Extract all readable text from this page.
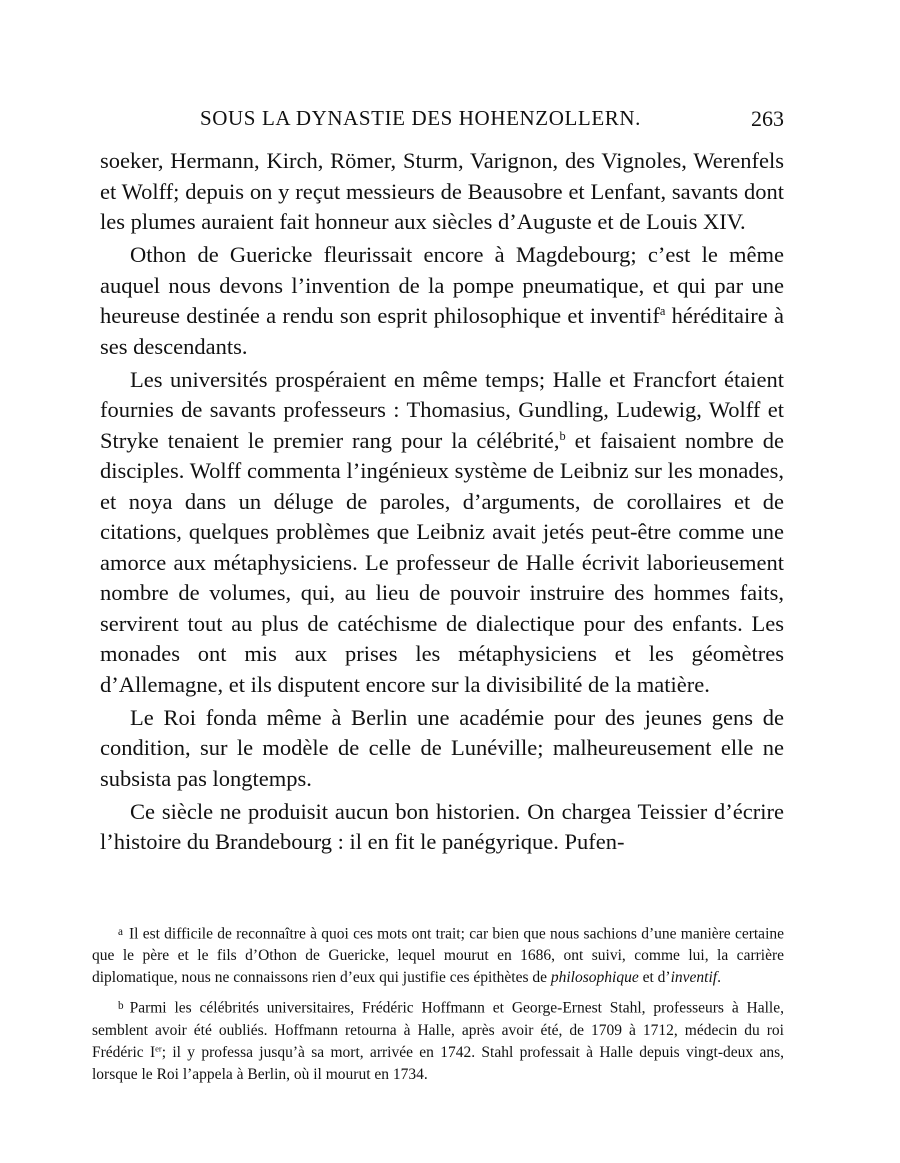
SOUS LA DYNASTIE DES HOHENZOLLERN.	263

soeker, Hermann, Kirch, Römer, Sturm, Varignon, des Vignoles, Werenfels et Wolff; depuis on y reçut messieurs de Beausobre et Lenfant, savants dont les plumes auraient fait honneur aux siècles d’Auguste et de Louis XIV.

Othon de Guericke fleurissait encore à Magdebourg; c’est le même auquel nous devons l’invention de la pompe pneumatique, et qui par une heureuse destinée a rendu son esprit philosophique et inventif$^a$ héréditaire à ses descendants.

Les universités prospéraient en même temps; Halle et Francfort étaient fournies de savants professeurs : Thomasius, Gundling, Ludewig, Wolff et Stryke tenaient le premier rang pour la célébrité,$^b$ et faisaient nombre de disciples. Wolff commenta l’ingénieux système de Leibniz sur les monades, et noya dans un déluge de paroles, d’arguments, de corollaires et de citations, quelques problèmes que Leibniz avait jetés peut-être comme une amorce aux métaphysiciens. Le professeur de Halle écrivit laborieusement nombre de volumes, qui, au lieu de pouvoir instruire des hommes faits, servirent tout au plus de catéchisme de dialectique pour des enfants. Les monades ont mis aux prises les métaphysiciens et les géomètres d’Allemagne, et ils disputent encore sur la divisibilité de la matière.

Le Roi fonda même à Berlin une académie pour des jeunes gens de condition, sur le modèle de celle de Lunéville; malheureusement elle ne subsista pas longtemps.

Ce siècle ne produisit aucun bon historien. On chargea Teissier d’écrire l’histoire du Brandebourg : il en fit le panégyrique. Pufen-

$^a$ Il est difficile de reconnaître à quoi ces mots ont trait; car bien que nous sachions d’une manière certaine que le père et le fils d’Othon de Guericke, lequel mourut en 1686, ont suivi, comme lui, la carrière diplomatique, nous ne connaissons rien d’eux qui justifie ces épithètes de philosophique et d’inventif.

$^b$ Parmi les célébrités universitaires, Frédéric Hoffmann et George-Ernest Stahl, professeurs à Halle, semblent avoir été oubliés. Hoffmann retourna à Halle, après avoir été, de 1709 à 1712, médecin du roi Frédéric Ier; il y professa jusqu’à sa mort, arrivée en 1742. Stahl professait à Halle depuis vingt-deux ans, lorsque le Roi l’appela à Berlin, où il mourut en 1734.
